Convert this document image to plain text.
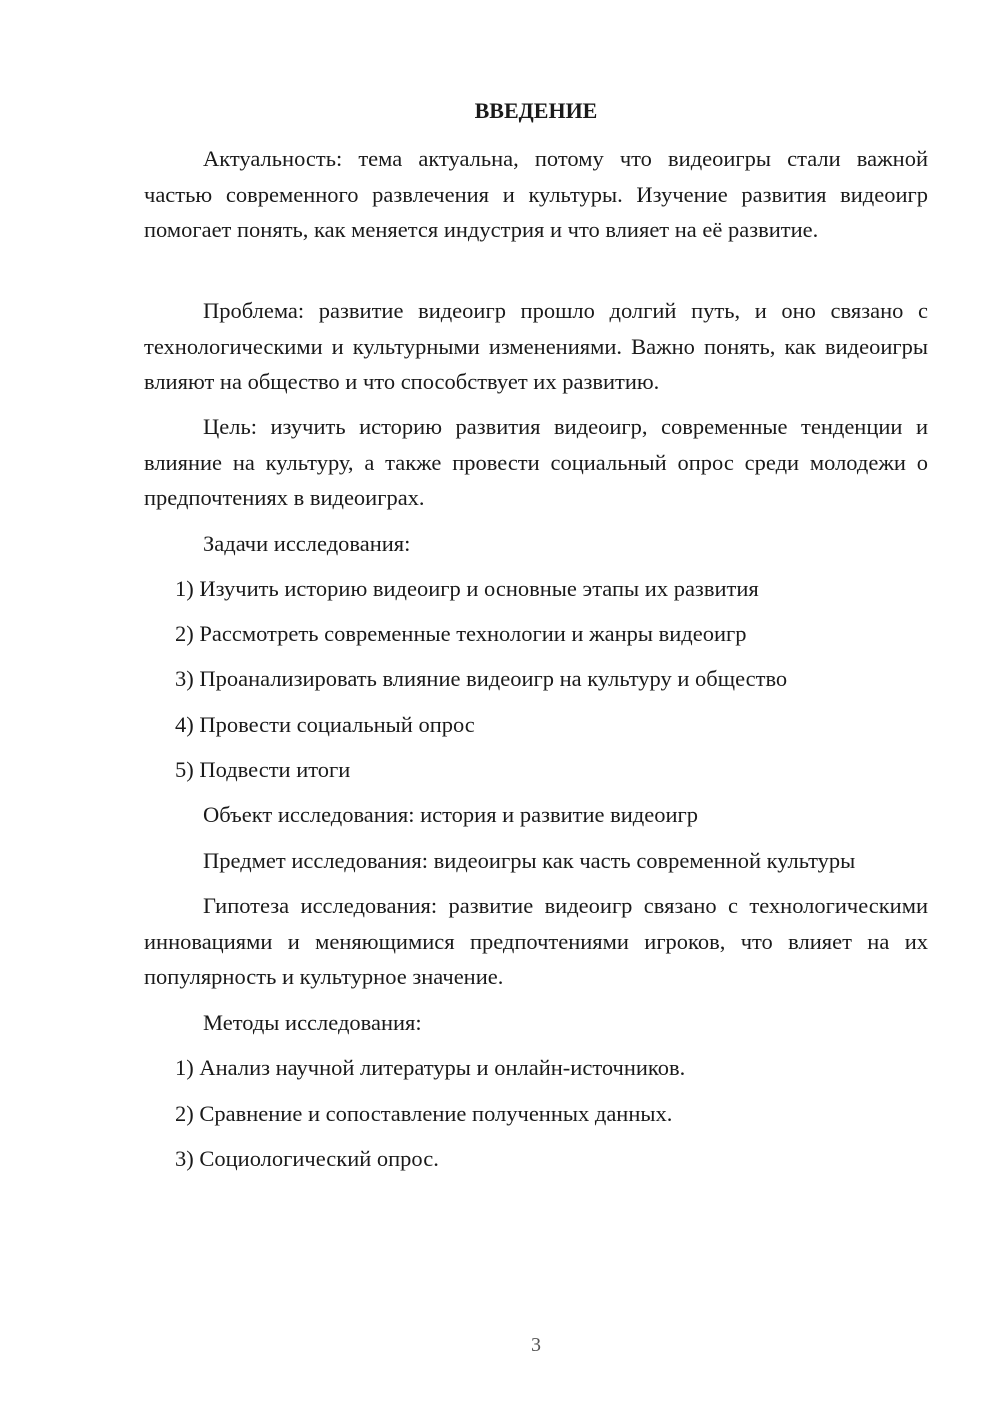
ВВЕДЕНИЕ
Актуальность: тема актуальна, потому что видеоигры стали важной частью современного развлечения и культуры. Изучение развития видеоигр помогает понять, как меняется индустрия и что влияет на её развитие.
Проблема: развитие видеоигр прошло долгий путь, и оно связано с технологическими и культурными изменениями. Важно понять, как видеоигры влияют на общество и что способствует их развитию.
Цель: изучить историю развития видеоигр, современные тенденции и влияние на культуру, а также провести социальный опрос среди молодежи о предпочтениях в видеоиграх.
Задачи исследования:
1) Изучить историю видеоигр и основные этапы их развития
2) Рассмотреть современные технологии и жанры видеоигр
3) Проанализировать влияние видеоигр на культуру и общество
4) Провести социальный опрос
5) Подвести итоги
Объект исследования: история и развитие видеоигр
Предмет исследования: видеоигры как часть современной культуры
Гипотеза исследования: развитие видеоигр связано с технологическими инновациями и меняющимися предпочтениями игроков, что влияет на их популярность и культурное значение.
Методы исследования:
1) Анализ научной литературы и онлайн-источников.
2) Сравнение и сопоставление полученных данных.
3) Социологический опрос.
3
